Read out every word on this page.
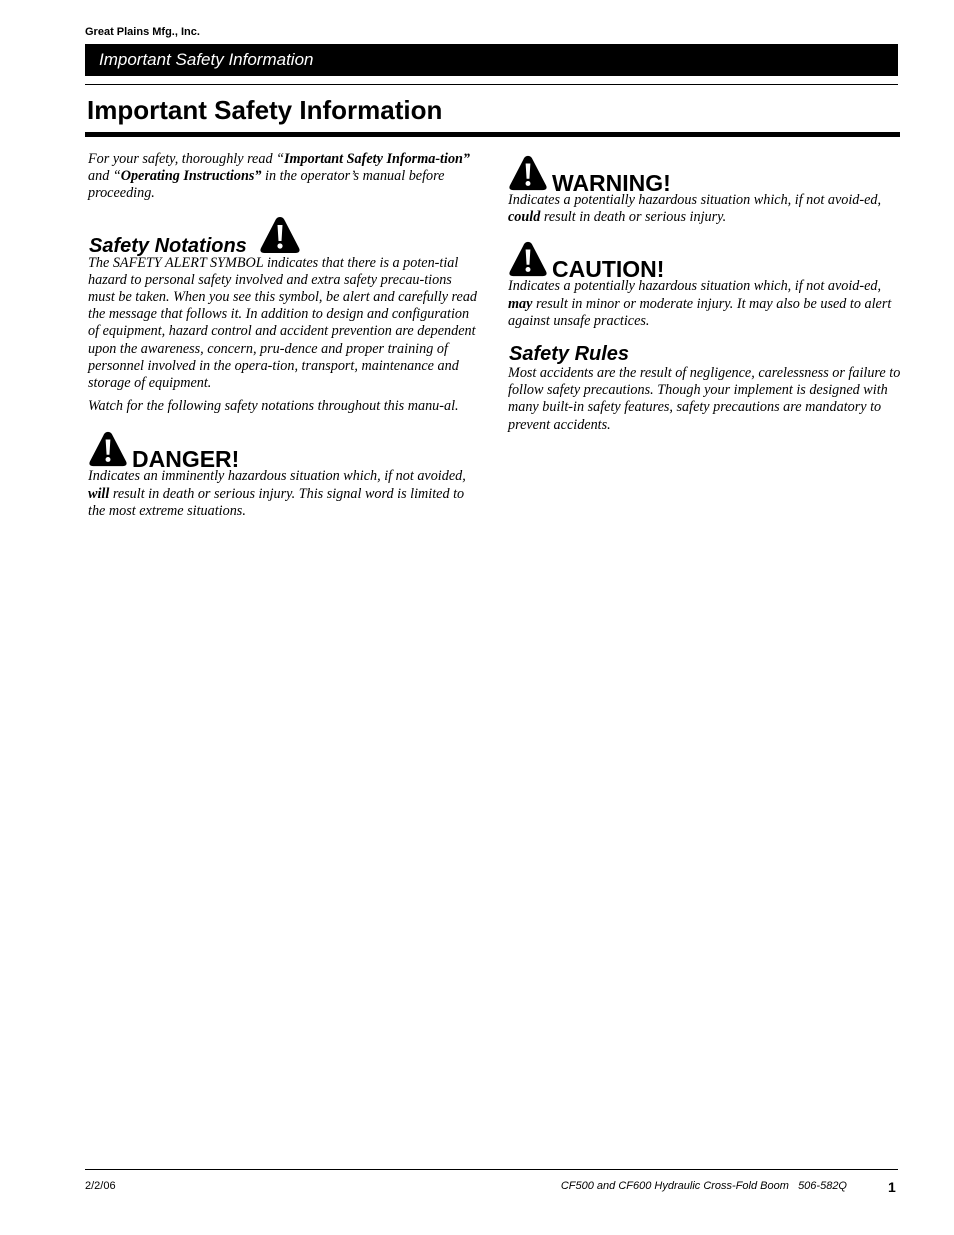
Great Plains Mfg., Inc.
Important Safety Information
Important Safety Information

For your safety, thoroughly read “Important Safety Informa-tion” and “Operating Instructions” in the operator’s manual before proceeding.

Safety Notations

The SAFETY ALERT SYMBOL indicates that there is a poten-tial hazard to personal safety involved and extra safety precau-tions must be taken. When you see this symbol, be alert and carefully read the message that follows it. In addition to design and configuration of equipment, hazard control and accident prevention are dependent upon the awareness, concern, pru-dence and proper training of personnel involved in the opera-tion, transport, maintenance and storage of equipment.

Watch for the following safety notations throughout this manu-al.

DANGER!

Indicates an imminently hazardous situation which, if not avoided, will result in death or serious injury. This signal word is limited to the most extreme situations.

WARNING!

Indicates a potentially hazardous situation which, if not avoid-ed, could result in death or serious injury.

CAUTION!

Indicates a potentially hazardous situation which, if not avoid-ed, may result in minor or moderate injury. It may also be used to alert against unsafe practices.

Safety Rules

Most accidents are the result of negligence, carelessness or failure to follow safety precautions. Though your implement is designed with many built-in safety features, safety precautions are mandatory to prevent accidents.

2/2/06	CF500 and CF600 Hydraulic Cross-Fold Boom   506-582Q	1
